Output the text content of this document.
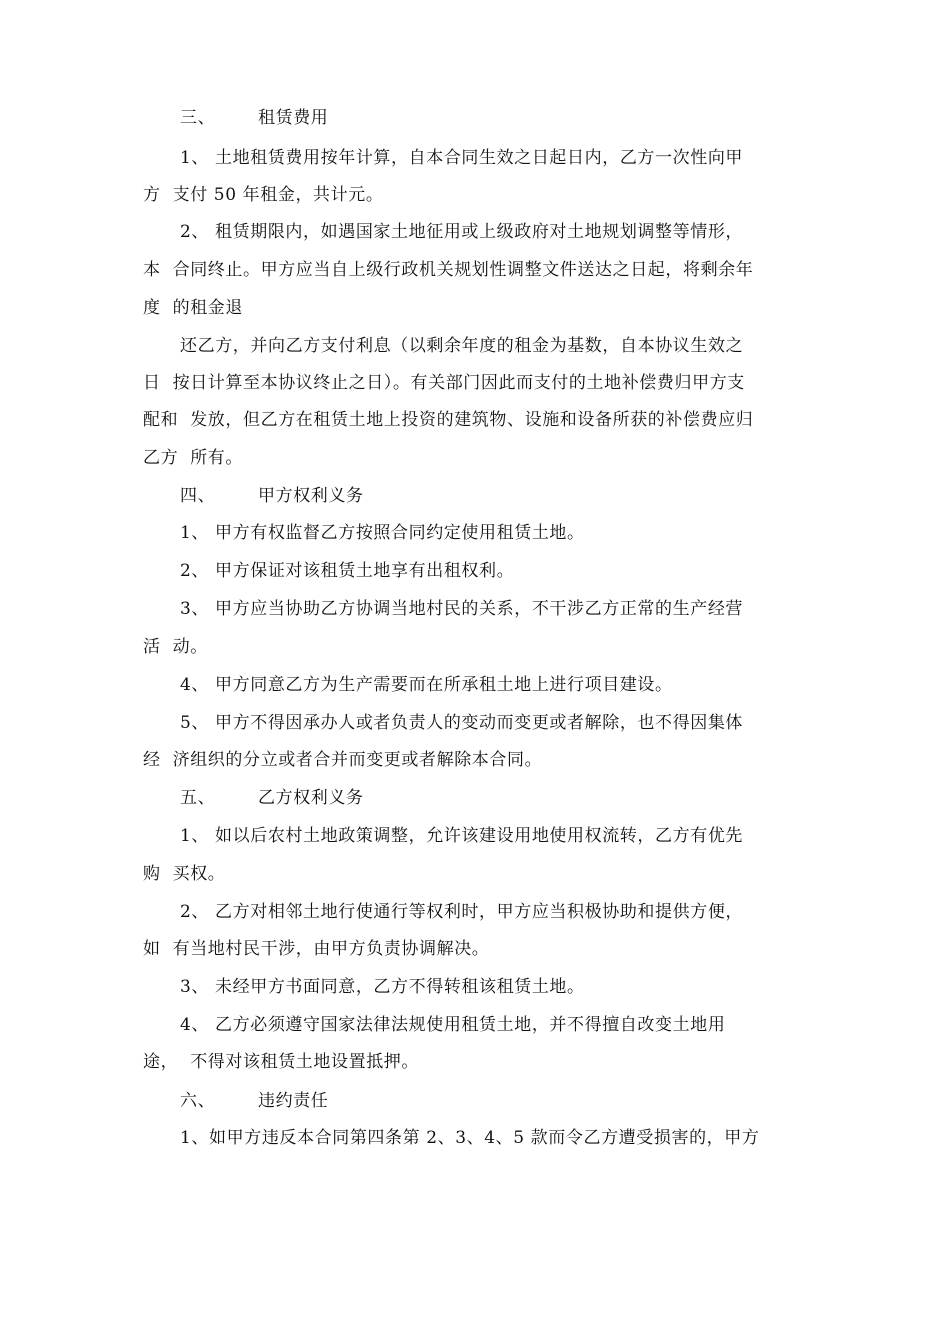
三、	租赁费用
1、 土地租赁费用按年计算，自本合同生效之日起日内，乙方一次性向甲
方  支付 50 年租金，共计元。
2、 租赁期限内，如遇国家土地征用或上级政府对土地规划调整等情形，
本  合同终止。甲方应当自上级行政机关规划性调整文件送达之日起，将剩余年
度  的租金退
还乙方，并向乙方支付利息（以剩余年度的租金为基数，自本协议生效之
日  按日计算至本协议终止之日）。有关部门因此而支付的土地补偿费归甲方支
配和  发放，但乙方在租赁土地上投资的建筑物、设施和设备所获的补偿费应归
乙方  所有。
四、	甲方权利义务
1、 甲方有权监督乙方按照合同约定使用租赁土地。
2、 甲方保证对该租赁土地享有出租权利。
3、 甲方应当协助乙方协调当地村民的关系，不干涉乙方正常的生产经营
活  动。
4、 甲方同意乙方为生产需要而在所承租土地上进行项目建设。
5、 甲方不得因承办人或者负责人的变动而变更或者解除，也不得因集体
经  济组织的分立或者合并而变更或者解除本合同。
五、	乙方权利义务
1、 如以后农村土地政策调整，允许该建设用地使用权流转，乙方有优先
购  买权。
2、 乙方对相邻土地行使通行等权利时，甲方应当积极协助和提供方便，
如  有当地村民干涉，由甲方负责协调解决。
3、 未经甲方书面同意，乙方不得转租该租赁土地。
4、 乙方必须遵守国家法律法规使用租赁土地，并不得擅自改变土地用
途，  不得对该租赁土地设置抵押。
六、	违约责任
1、如甲方违反本合同第四条第 2、3、4、5 款而令乙方遭受损害的，甲方
